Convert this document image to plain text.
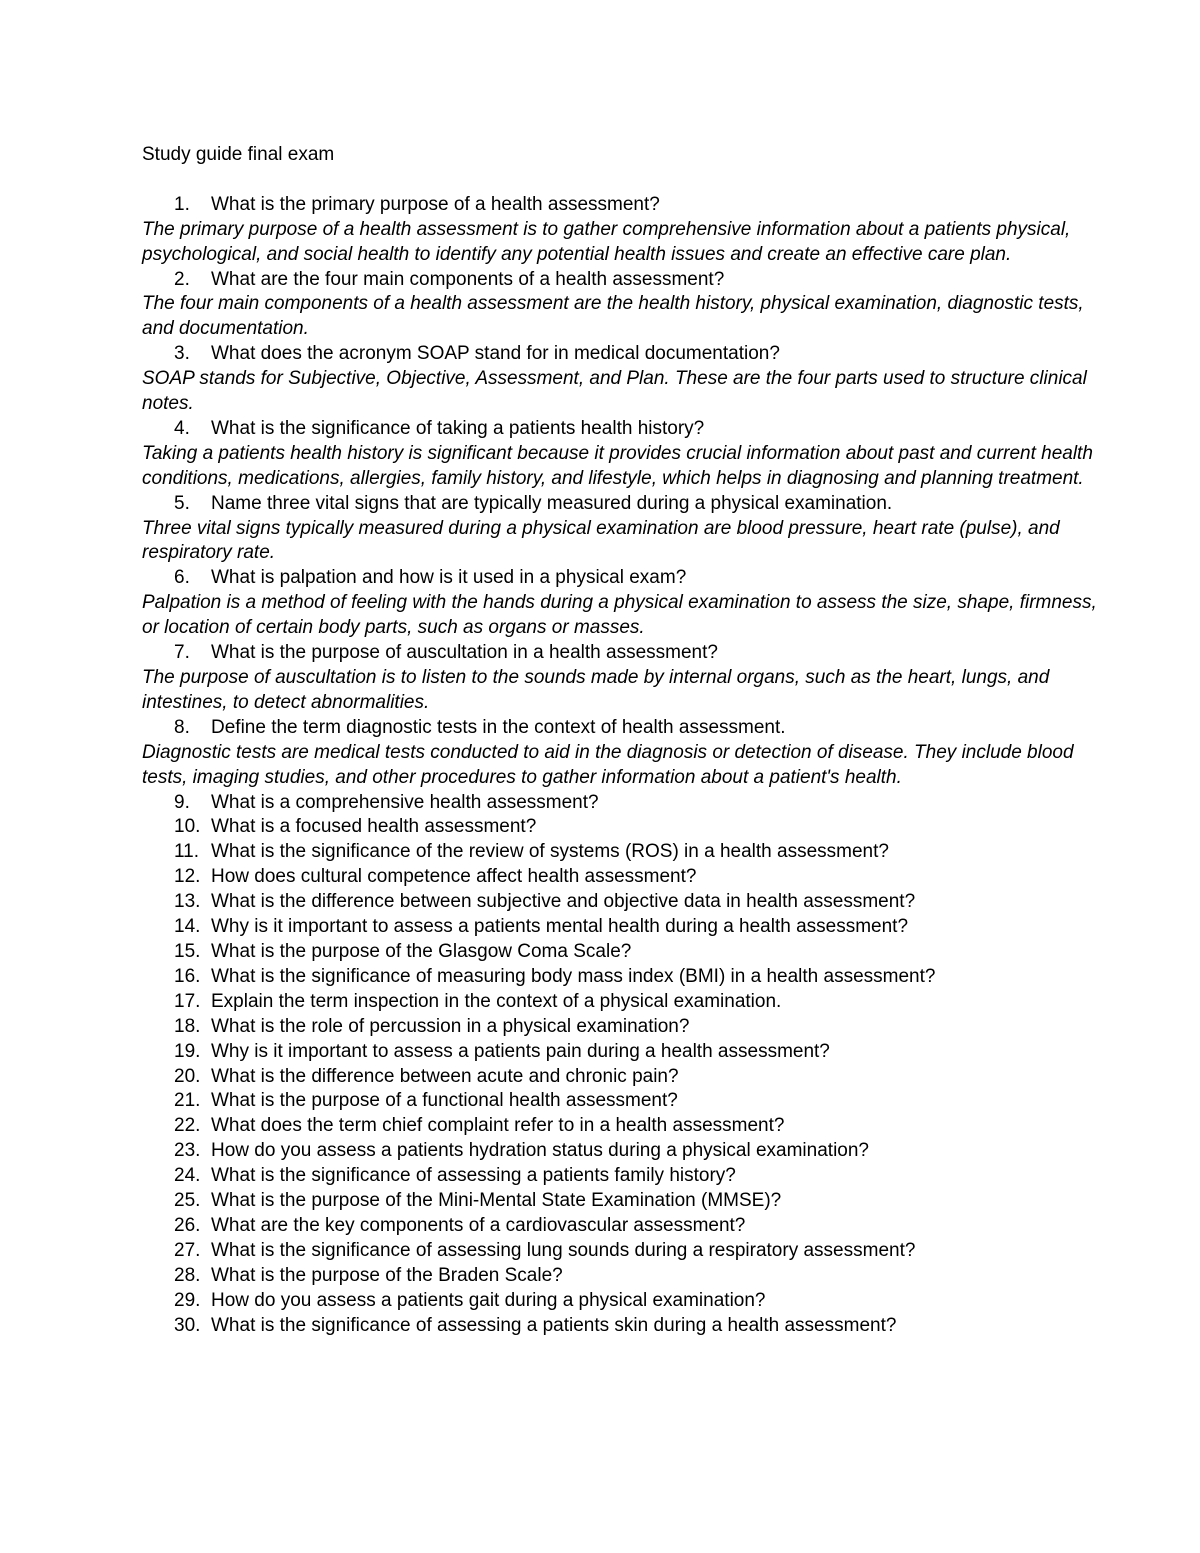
Study guide final exam
1.	What is the primary purpose of a health assessment?
The primary purpose of a health assessment is to gather comprehensive information about a patients physical, psychological, and social health to identify any potential health issues and create an effective care plan.
2.	What are the four main components of a health assessment?
The four main components of a health assessment are the health history, physical examination, diagnostic tests, and documentation.
3.	What does the acronym SOAP stand for in medical documentation?
SOAP stands for Subjective, Objective, Assessment, and Plan. These are the four parts used to structure clinical notes.
4.	What is the significance of taking a patients health history?
Taking a patients health history is significant because it provides crucial information about past and current health conditions, medications, allergies, family history, and lifestyle, which helps in diagnosing and planning treatment.
5.	Name three vital signs that are typically measured during a physical examination.
Three vital signs typically measured during a physical examination are blood pressure, heart rate (pulse), and respiratory rate.
6.	What is palpation and how is it used in a physical exam?
Palpation is a method of feeling with the hands during a physical examination to assess the size, shape, firmness, or location of certain body parts, such as organs or masses.
7.	What is the purpose of auscultation in a health assessment?
The purpose of auscultation is to listen to the sounds made by internal organs, such as the heart, lungs, and intestines, to detect abnormalities.
8.	Define the term diagnostic tests in the context of health assessment.
Diagnostic tests are medical tests conducted to aid in the diagnosis or detection of disease. They include blood tests, imaging studies, and other procedures to gather information about a patient's health.
9.	What is a comprehensive health assessment?
10. What is a focused health assessment?
11. What is the significance of the review of systems (ROS) in a health assessment?
12. How does cultural competence affect health assessment?
13. What is the difference between subjective and objective data in health assessment?
14. Why is it important to assess a patients mental health during a health assessment?
15. What is the purpose of the Glasgow Coma Scale?
16. What is the significance of measuring body mass index (BMI) in a health assessment?
17. Explain the term inspection in the context of a physical examination.
18. What is the role of percussion in a physical examination?
19. Why is it important to assess a patients pain during a health assessment?
20. What is the difference between acute and chronic pain?
21. What is the purpose of a functional health assessment?
22. What does the term chief complaint refer to in a health assessment?
23. How do you assess a patients hydration status during a physical examination?
24. What is the significance of assessing a patients family history?
25. What is the purpose of the Mini-Mental State Examination (MMSE)?
26. What are the key components of a cardiovascular assessment?
27. What is the significance of assessing lung sounds during a respiratory assessment?
28. What is the purpose of the Braden Scale?
29. How do you assess a patients gait during a physical examination?
30. What is the significance of assessing a patients skin during a health assessment?
